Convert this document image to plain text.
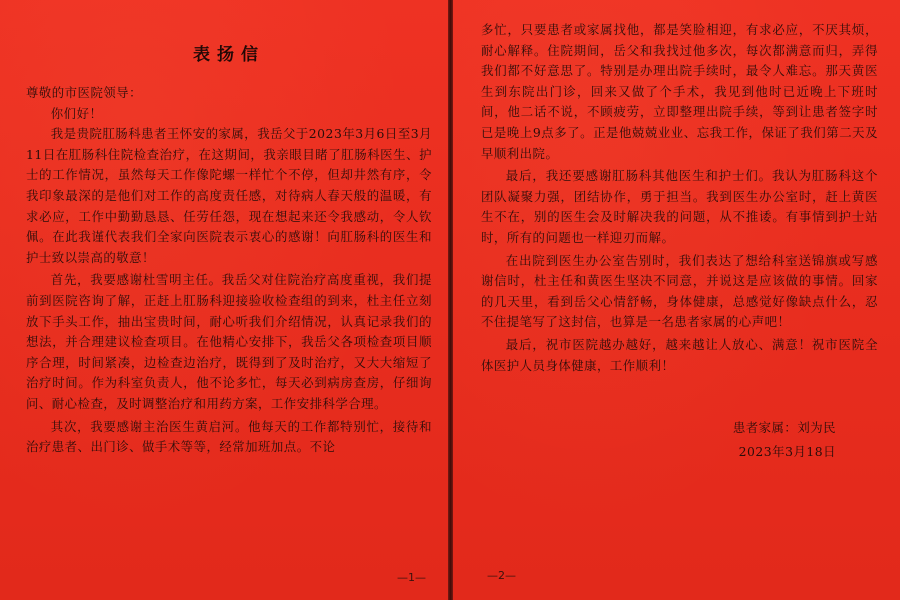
表扬信

尊敬的市医院领导：

你们好！

我是贵院肛肠科患者王怀安的家属，我岳父于2023年3月6日至3月11日在肛肠科住院检查治疗，在这期间，我亲眼目睹了肛肠科医生、护士的工作情况，虽然每天工作像陀螺一样忙个不停，但却井然有序，令我印象最深的是他们对工作的高度责任感，对待病人春天般的温暖，有求必应，工作中勤勤恳恳、任劳任怨，现在想起来还令我感动，令人钦佩。在此我谨代表我们全家向医院表示衷心的感谢！向肛肠科的医生和护士致以崇高的敬意！

首先，我要感谢杜雪明主任。我岳父对住院治疗高度重视，我们提前到医院咨询了解，正赶上肛肠科迎接验收检查组的到来，杜主任立刻放下手头工作，抽出宝贵时间，耐心听我们介绍情况，认真记录我们的想法，并合理建议检查项目。在他精心安排下，我岳父各项检查项目顺序合理，时间紧凑，边检查边治疗，既得到了及时治疗，又大大缩短了治疗时间。作为科室负责人，他不论多忙，每天必到病房查房，仔细询问、耐心检查，及时调整治疗和用药方案，工作安排科学合理。

其次，我要感谢主治医生黄启河。他每天的工作都特别忙，接待和治疗患者、出门诊、做手术等等，经常加班加点。不论

—1—

多忙，只要患者或家属找他，都是笑脸相迎，有求必应，不厌其烦，耐心解释。住院期间，岳父和我找过他多次，每次都满意而归，弄得我们都不好意思了。特别是办理出院手续时，最令人难忘。那天黄医生到东院出门诊，回来又做了个手术，我见到他时已近晚上下班时间，他二话不说，不顾疲劳，立即整理出院手续，等到让患者签字时已是晚上9点多了。正是他兢兢业业、忘我工作，保证了我们第二天及早顺利出院。

最后，我还要感谢肛肠科其他医生和护士们。我认为肛肠科这个团队凝聚力强，团结协作，勇于担当。我到医生办公室时，赶上黄医生不在，别的医生会及时解决我的问题，从不推诿。有事情到护士站时，所有的问题也一样迎刃而解。

在出院到医生办公室告别时，我们表达了想给科室送锦旗或写感谢信时，杜主任和黄医生坚决不同意，并说这是应该做的事情。回家的几天里，看到岳父心情舒畅，身体健康，总感觉好像缺点什么，忍不住提笔写了这封信，也算是一名患者家属的心声吧！

最后，祝市医院越办越好，越来越让人放心、满意！祝市医院全体医护人员身体健康，工作顺利！

患者家属：刘为民

2023年3月18日

—2—
